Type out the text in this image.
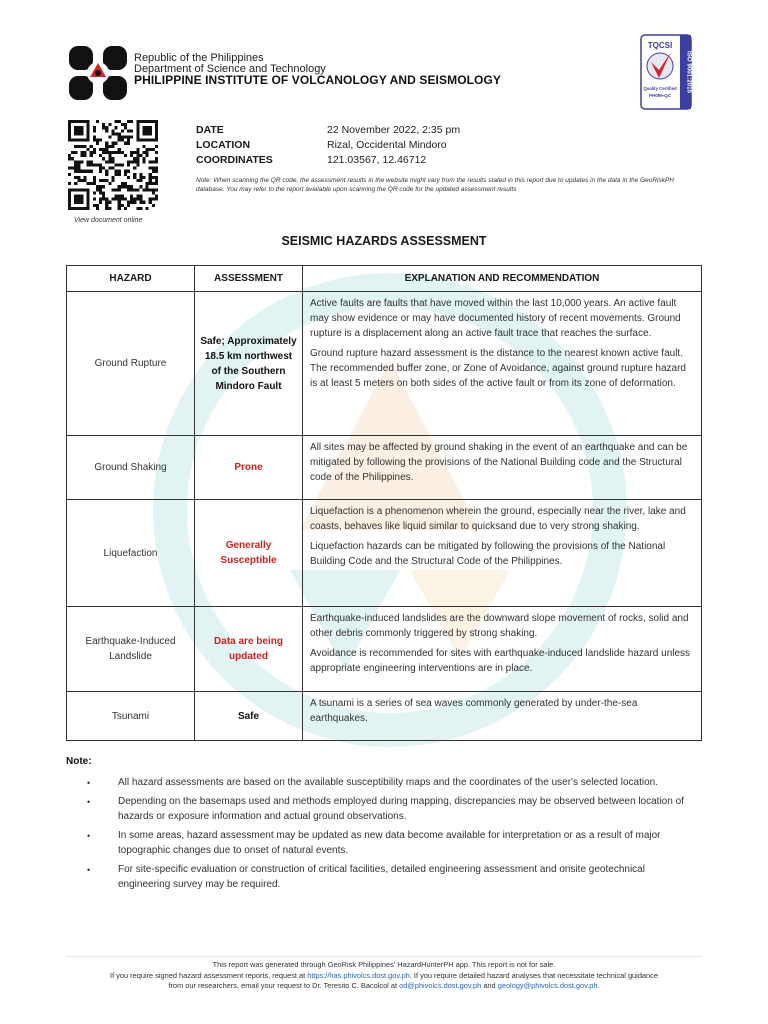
Republic of the Philippines
Department of Science and Technology
PHILIPPINE INSTITUTE OF VOLCANOLOGY AND SEISMOLOGY
TQCSI
Quality Certified
PH059-QC
ISO 9001:2015
View document online
DATE	22 November 2022, 2:35 pm
LOCATION	Rizal, Occidental Mindoro
COORDINATES	121.03567, 12.46712
Note: When scanning the QR code, the assessment results in the website might vary from the results stated in this report due to updates in the data in the GeoRiskPH database. You may refer to the report available upon scanning the QR code for the updated assessment results
SEISMIC HAZARDS ASSESSMENT
HAZARD	ASSESSMENT	EXPLANATION AND RECOMMENDATION
Ground Rupture	Safe; Approximately 18.5 km northwest of the Southern Mindoro Fault	Active faults are faults that have moved within the last 10,000 years. An active fault may show evidence or may have documented history of recent movements. Ground rupture is a displacement along an active fault trace that reaches the surface.

Ground rupture hazard assessment is the distance to the nearest known active fault. The recommended buffer zone, or Zone of Avoidance, against ground rupture hazard is at least 5 meters on both sides of the active fault or from its zone of deformation.

Ground Shaking	Prone	All sites may be affected by ground shaking in the event of an earthquake and can be mitigated by following the provisions of the National Building code and the Structural code of the Philippines.

Liquefaction	Generally Susceptible	Liquefaction is a phenomenon wherein the ground, especially near the river, lake and coasts, behaves like liquid similar to quicksand due to very strong shaking.

Liquefaction hazards can be mitigated by following the provisions of the National Building Code and the Structural Code of the Philippines.

Earthquake-Induced Landslide	Data are being updated	Earthquake-induced landslides are the downward slope movement of rocks, solid and other debris commonly triggered by strong shaking.

Avoidance is recommended for sites with earthquake-induced landslide hazard unless appropriate engineering interventions are in place.

Tsunami	Safe	A tsunami is a series of sea waves commonly generated by under-the-sea earthquakes.

Note:
• All hazard assessments are based on the available susceptibility maps and the coordinates of the user's selected location.
• Depending on the basemaps used and methods employed during mapping, discrepancies may be observed between location of hazards or exposure information and actual ground observations.
• In some areas, hazard assessment may be updated as new data become available for interpretation or as a result of major topographic changes due to onset of natural events.
• For site-specific evaluation or construction of critical facilities, detailed engineering assessment and onsite geotechnical engineering survey may be required.
This report was generated through GeoRisk Philippines' HazardHunterPH app. This report is not for sale.
If you require signed hazard assessment reports, request at https://has.phivolcs.dost.gov.ph. If you require detailed hazard analyses that necessitate technical guidance
from our researchers, email your request to Dr. Teresito C. Bacolcol at od@phivolcs.dost.gov.ph and geology@phivolcs.dost.gov.ph.
